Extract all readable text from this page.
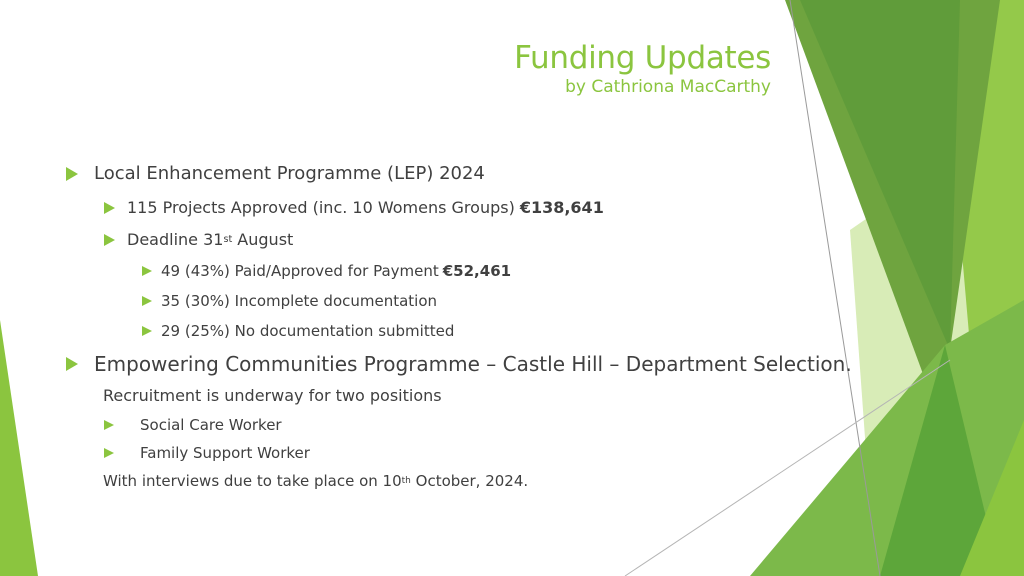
Funding Updates
by Cathriona MacCarthy
Local Enhancement Programme (LEP) 2024
115 Projects Approved (inc. 10 Womens Groups) €138,641
Deadline 31 st August
49 (43%) Paid/Approved for Payment €52,461
35 (30%) Incomplete documentation
29 (25%) No documentation submitted
Empowering Communities Programme – Castle Hill – Department Selection.
Recruitment is underway for two positions
Social Care Worker
Family Support Worker
With interviews due to take place on 10 th October, 2024.
